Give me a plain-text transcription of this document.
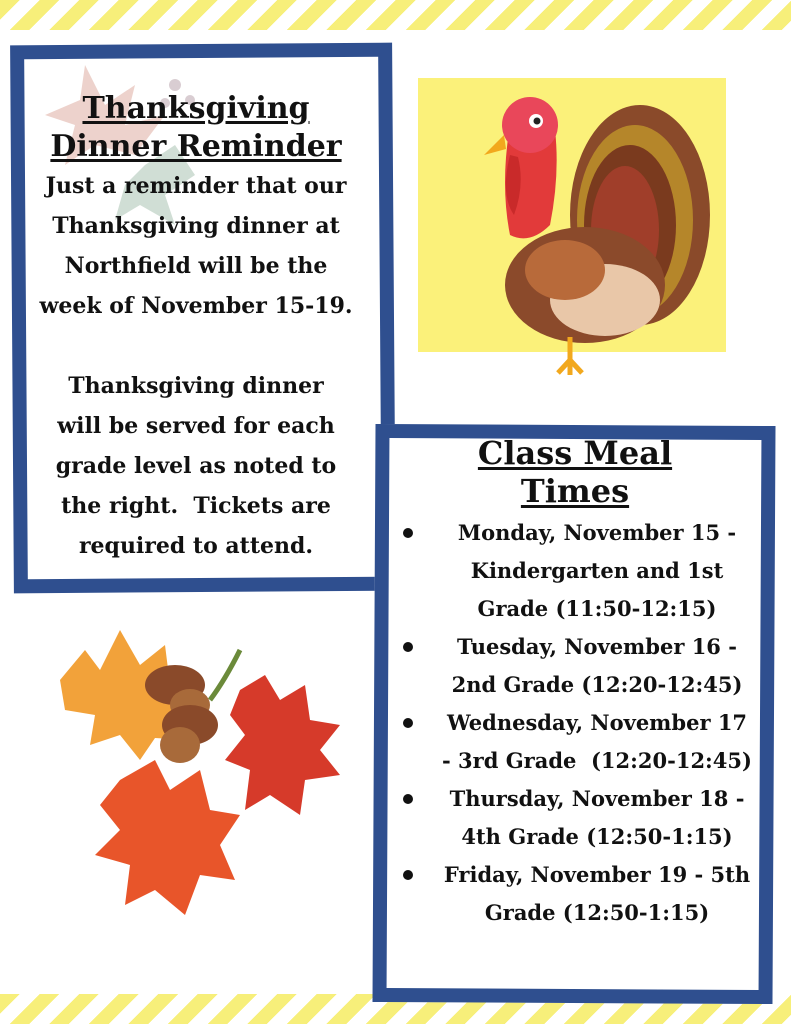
Thanksgiving

Dinner Reminder

Just a reminder that our

Thanksgiving dinner at

Northfield will be the

week of November 15-19.

Thanksgiving dinner

will be served for each

grade level as noted to

the right.  Tickets are

required to attend.

Class Meal

Times

Monday, November 15 -
Kindergarten and 1st
Grade (11:50-12:15)
Tuesday, November 16 -
2nd Grade (12:20-12:45)
Wednesday, November 17
- 3rd Grade  (12:20-12:45)
Thursday, November 18 -
4th Grade (12:50-1:15)
Friday, November 19 - 5th
Grade (12:50-1:15)
